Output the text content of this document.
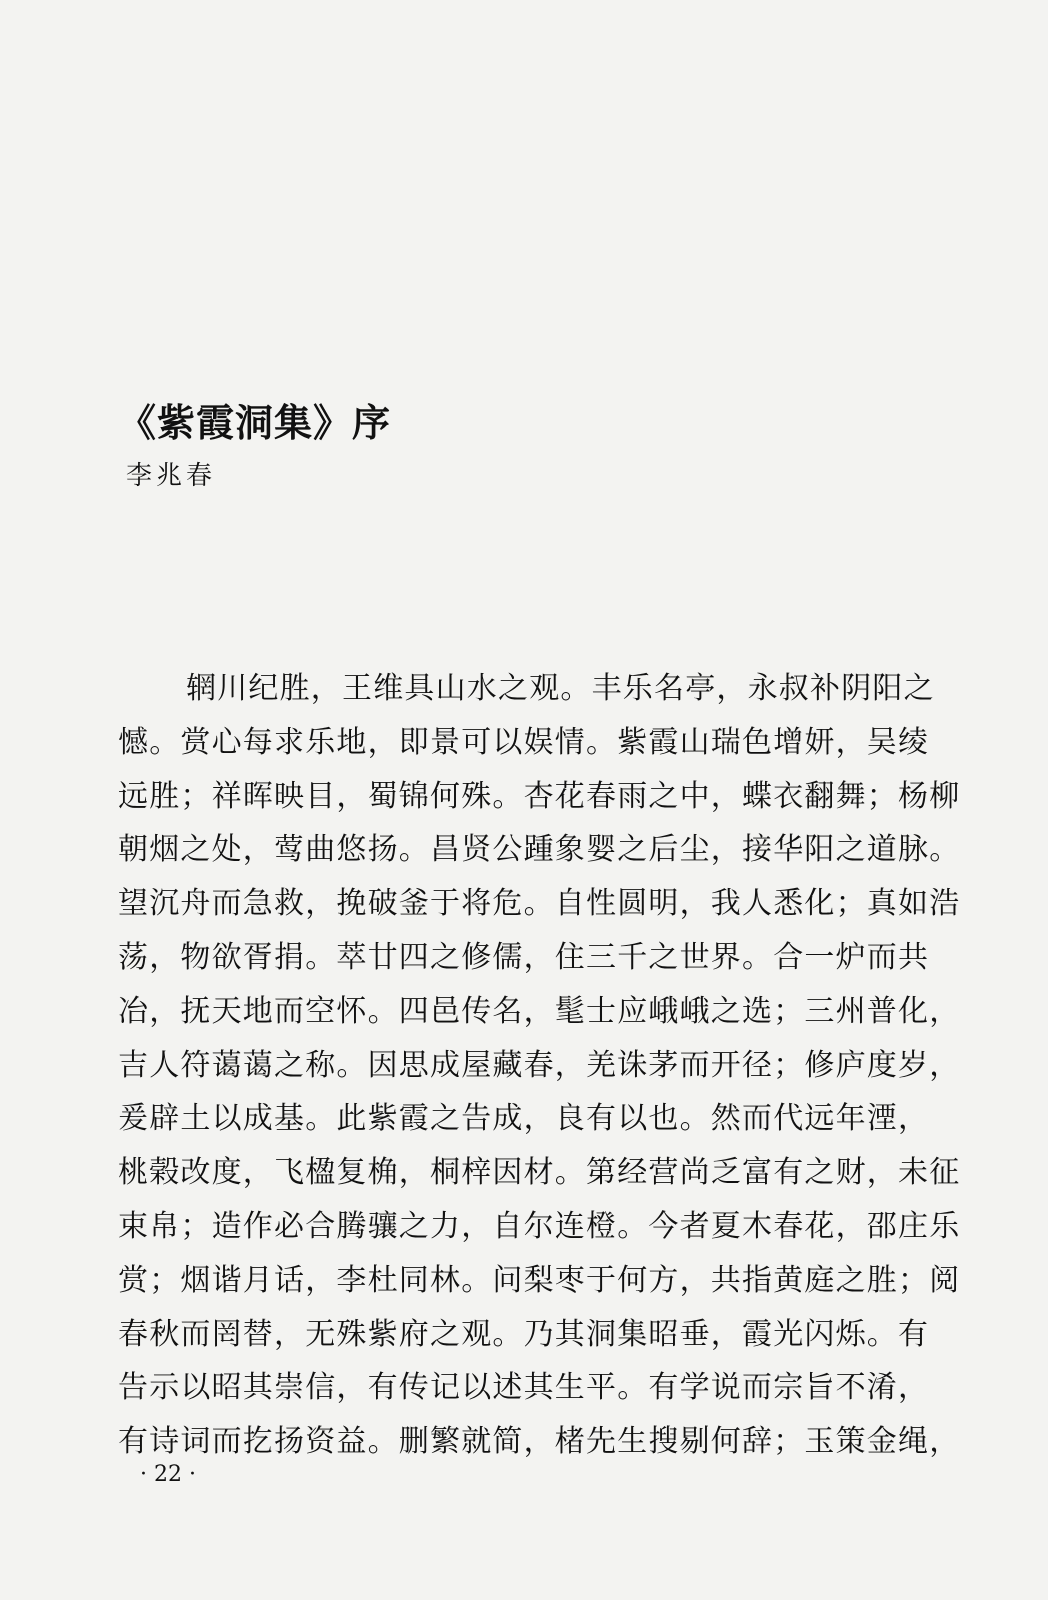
《紫霞洞集》序
李兆春
辋川纪胜，王维具山水之观。丰乐名亭，永叔补阴阳之
憾。赏心每求乐地，即景可以娱情。紫霞山瑞色增妍，吴绫
远胜；祥晖映目，蜀锦何殊。杏花春雨之中，蝶衣翻舞；杨柳
朝烟之处，莺曲悠扬。昌贤公踵象婴之后尘，接华阳之道脉。
望沉舟而急救，挽破釜于将危。自性圆明，我人悉化；真如浩
荡，物欲胥捐。萃廿四之修儒，住三千之世界。合一炉而共
冶，抚天地而空怀。四邑传名，髦士应峨峨之选；三州普化，
吉人符蔼蔼之称。因思成屋藏春，羌诛茅而开径；修庐度岁，
爰辟土以成基。此紫霞之告成，良有以也。然而代远年湮，
桃榖改度，飞楹复桷，桐梓因材。第经营尚乏富有之财，未征
束帛；造作必合腾骧之力，自尔连橙。今者夏木春花，邵庄乐
赏；烟谐月话，李杜同林。问梨枣于何方，共指黄庭之胜；阅
春秋而罔替，无殊紫府之观。乃其洞集昭垂，霞光闪烁。有
告示以昭其崇信，有传记以述其生平。有学说而宗旨不淆，
有诗词而扢扬资益。删繁就简，楮先生搜剔何辞；玉策金绳，
· 22 ·
